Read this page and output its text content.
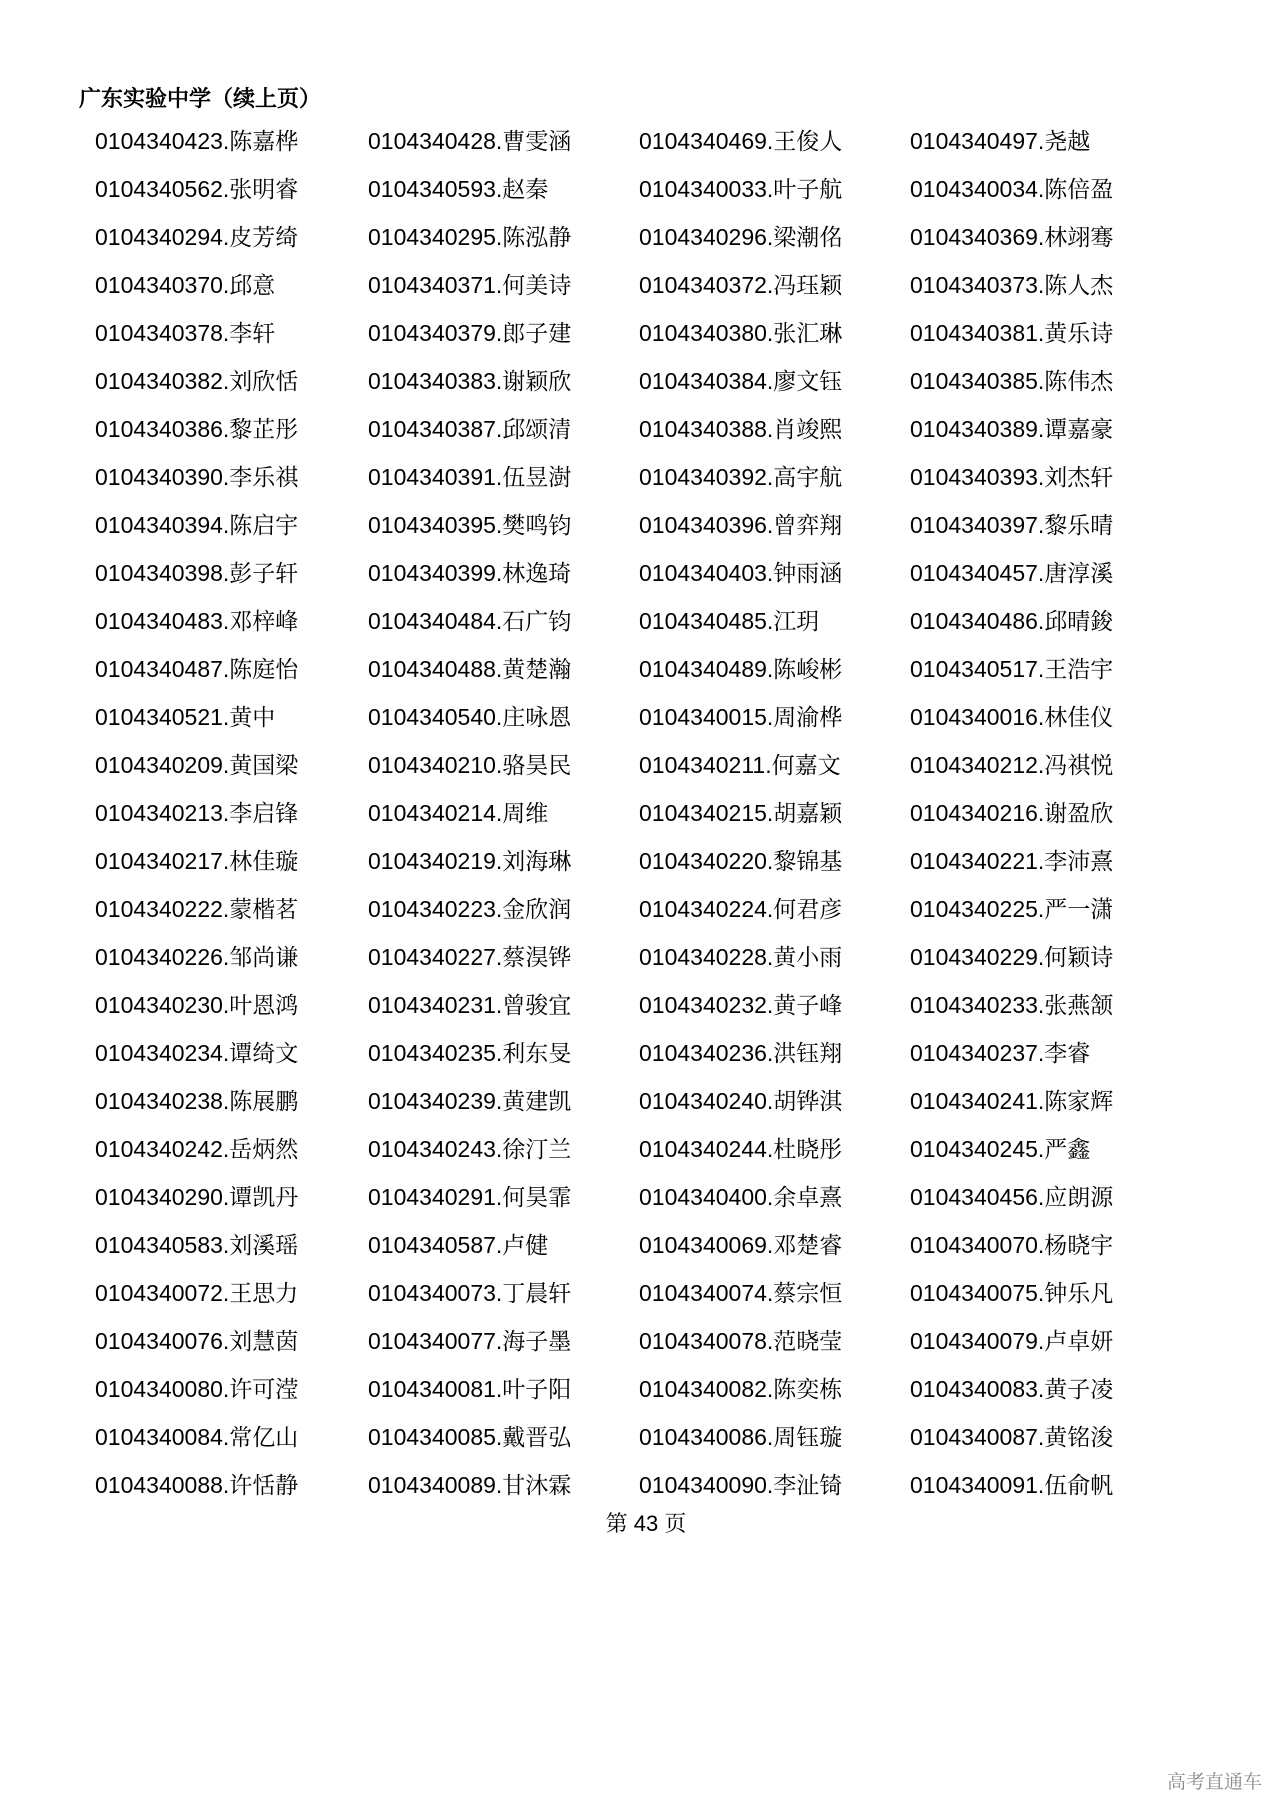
广东实验中学（续上页）
0104340423.陈嘉桦	0104340428.曹雯涵	0104340469.王俊人	0104340497.尧越
0104340562.张明睿	0104340593.赵秦	0104340033.叶子航	0104340034.陈倍盈
0104340294.皮芳绮	0104340295.陈泓静	0104340296.梁潮佲	0104340369.林翊骞
0104340370.邱意	0104340371.何美诗	0104340372.冯珏颖	0104340373.陈人杰
0104340378.李轩	0104340379.郎子建	0104340380.张汇琳	0104340381.黄乐诗
0104340382.刘欣恬	0104340383.谢颖欣	0104340384.廖文钰	0104340385.陈伟杰
0104340386.黎芷彤	0104340387.邱颂清	0104340388.肖竣熙	0104340389.谭嘉豪
0104340390.李乐祺	0104340391.伍昱澍	0104340392.高宇航	0104340393.刘杰轩
0104340394.陈启宇	0104340395.樊鸣钧	0104340396.曾弈翔	0104340397.黎乐晴
0104340398.彭子轩	0104340399.林逸琦	0104340403.钟雨涵	0104340457.唐淳溪
0104340483.邓梓峰	0104340484.石广钧	0104340485.江玥	0104340486.邱晴鋑
0104340487.陈庭怡	0104340488.黄楚瀚	0104340489.陈峻彬	0104340517.王浩宇
0104340521.黄中	0104340540.庄咏恩	0104340015.周渝桦	0104340016.林佳仪
0104340209.黄国梁	0104340210.骆昊民	0104340211.何嘉文	0104340212.冯祺悦
0104340213.李启锋	0104340214.周维	0104340215.胡嘉颖	0104340216.谢盈欣
0104340217.林佳璇	0104340219.刘海琳	0104340220.黎锦基	0104340221.李沛熹
0104340222.蒙楷茗	0104340223.金欣润	0104340224.何君彦	0104340225.严一潇
0104340226.邹尚谦	0104340227.蔡淏铧	0104340228.黄小雨	0104340229.何颖诗
0104340230.叶恩鸿	0104340231.曾骏宜	0104340232.黄子峰	0104340233.张燕颔
0104340234.谭绮文	0104340235.利东旻	0104340236.洪钰翔	0104340237.李睿
0104340238.陈展鹏	0104340239.黄建凯	0104340240.胡铧淇	0104340241.陈家辉
0104340242.岳炳然	0104340243.徐汀兰	0104340244.杜晓彤	0104340245.严鑫
0104340290.谭凯丹	0104340291.何昊霏	0104340400.余卓熹	0104340456.应朗源
0104340583.刘溪瑶	0104340587.卢健	0104340069.邓楚睿	0104340070.杨晓宇
0104340072.王思力	0104340073.丁晨轩	0104340074.蔡宗恒	0104340075.钟乐凡
0104340076.刘慧茵	0104340077.海子墨	0104340078.范晓莹	0104340079.卢卓妍
0104340080.许可滢	0104340081.叶子阳	0104340082.陈奕栋	0104340083.黄子凌
0104340084.常亿山	0104340085.戴晋弘	0104340086.周钰璇	0104340087.黄铭浚
0104340088.许恬静	0104340089.甘沐霖	0104340090.李沚锜	0104340091.伍俞帆
第 43 页
高考直通车
